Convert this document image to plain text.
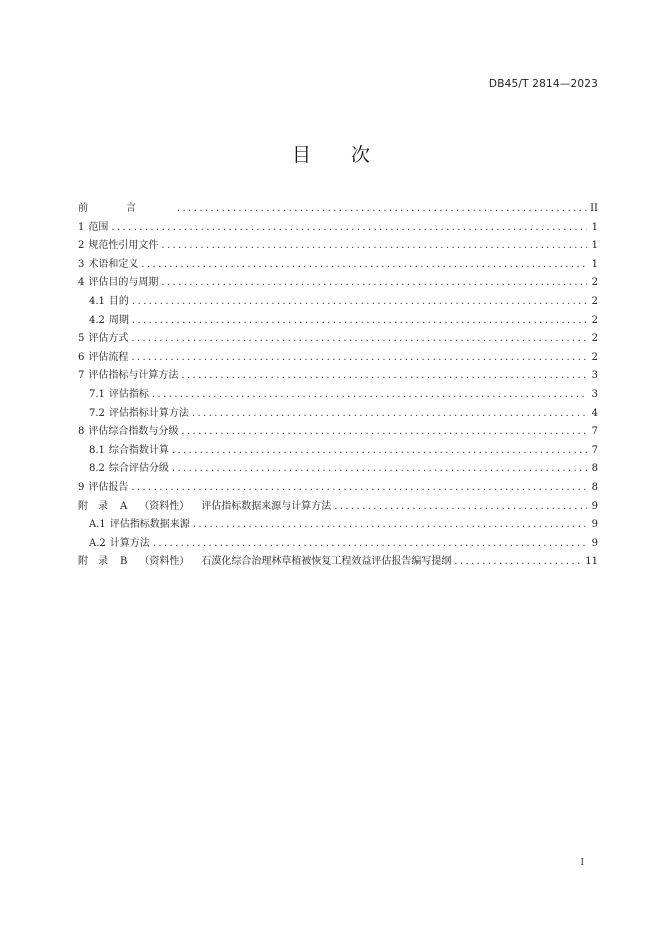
DB45/T 2814—2023
目次
前言 .....	II
1 范围 .....	1
2 规范性引用文件 .....	1
3 术语和定义 .....	1
4 评估目的与周期 .....	2
4.1 目的 .....	2
4.2 周期 .....	2
5 评估方式 .....	2
6 评估流程 .....	2
7 评估指标与计算方法 .....	3
7.1 评估指标 .....	3
7.2 评估指标计算方法 .....	4
8 评估综合指数与分级 .....	7
8.1 综合指数计算 .....	7
8.2 综合评估分级 .....	8
9 评估报告 .....	8
附录 A （资料性） 评估指标数据来源与计算方法 .....	9
A.1 评估指标数据来源 .....	9
A.2 计算方法 .....	9
附录 B （资料性） 石漠化综合治理林草植被恢复工程效益评估报告编写提纲 .....	11
I
